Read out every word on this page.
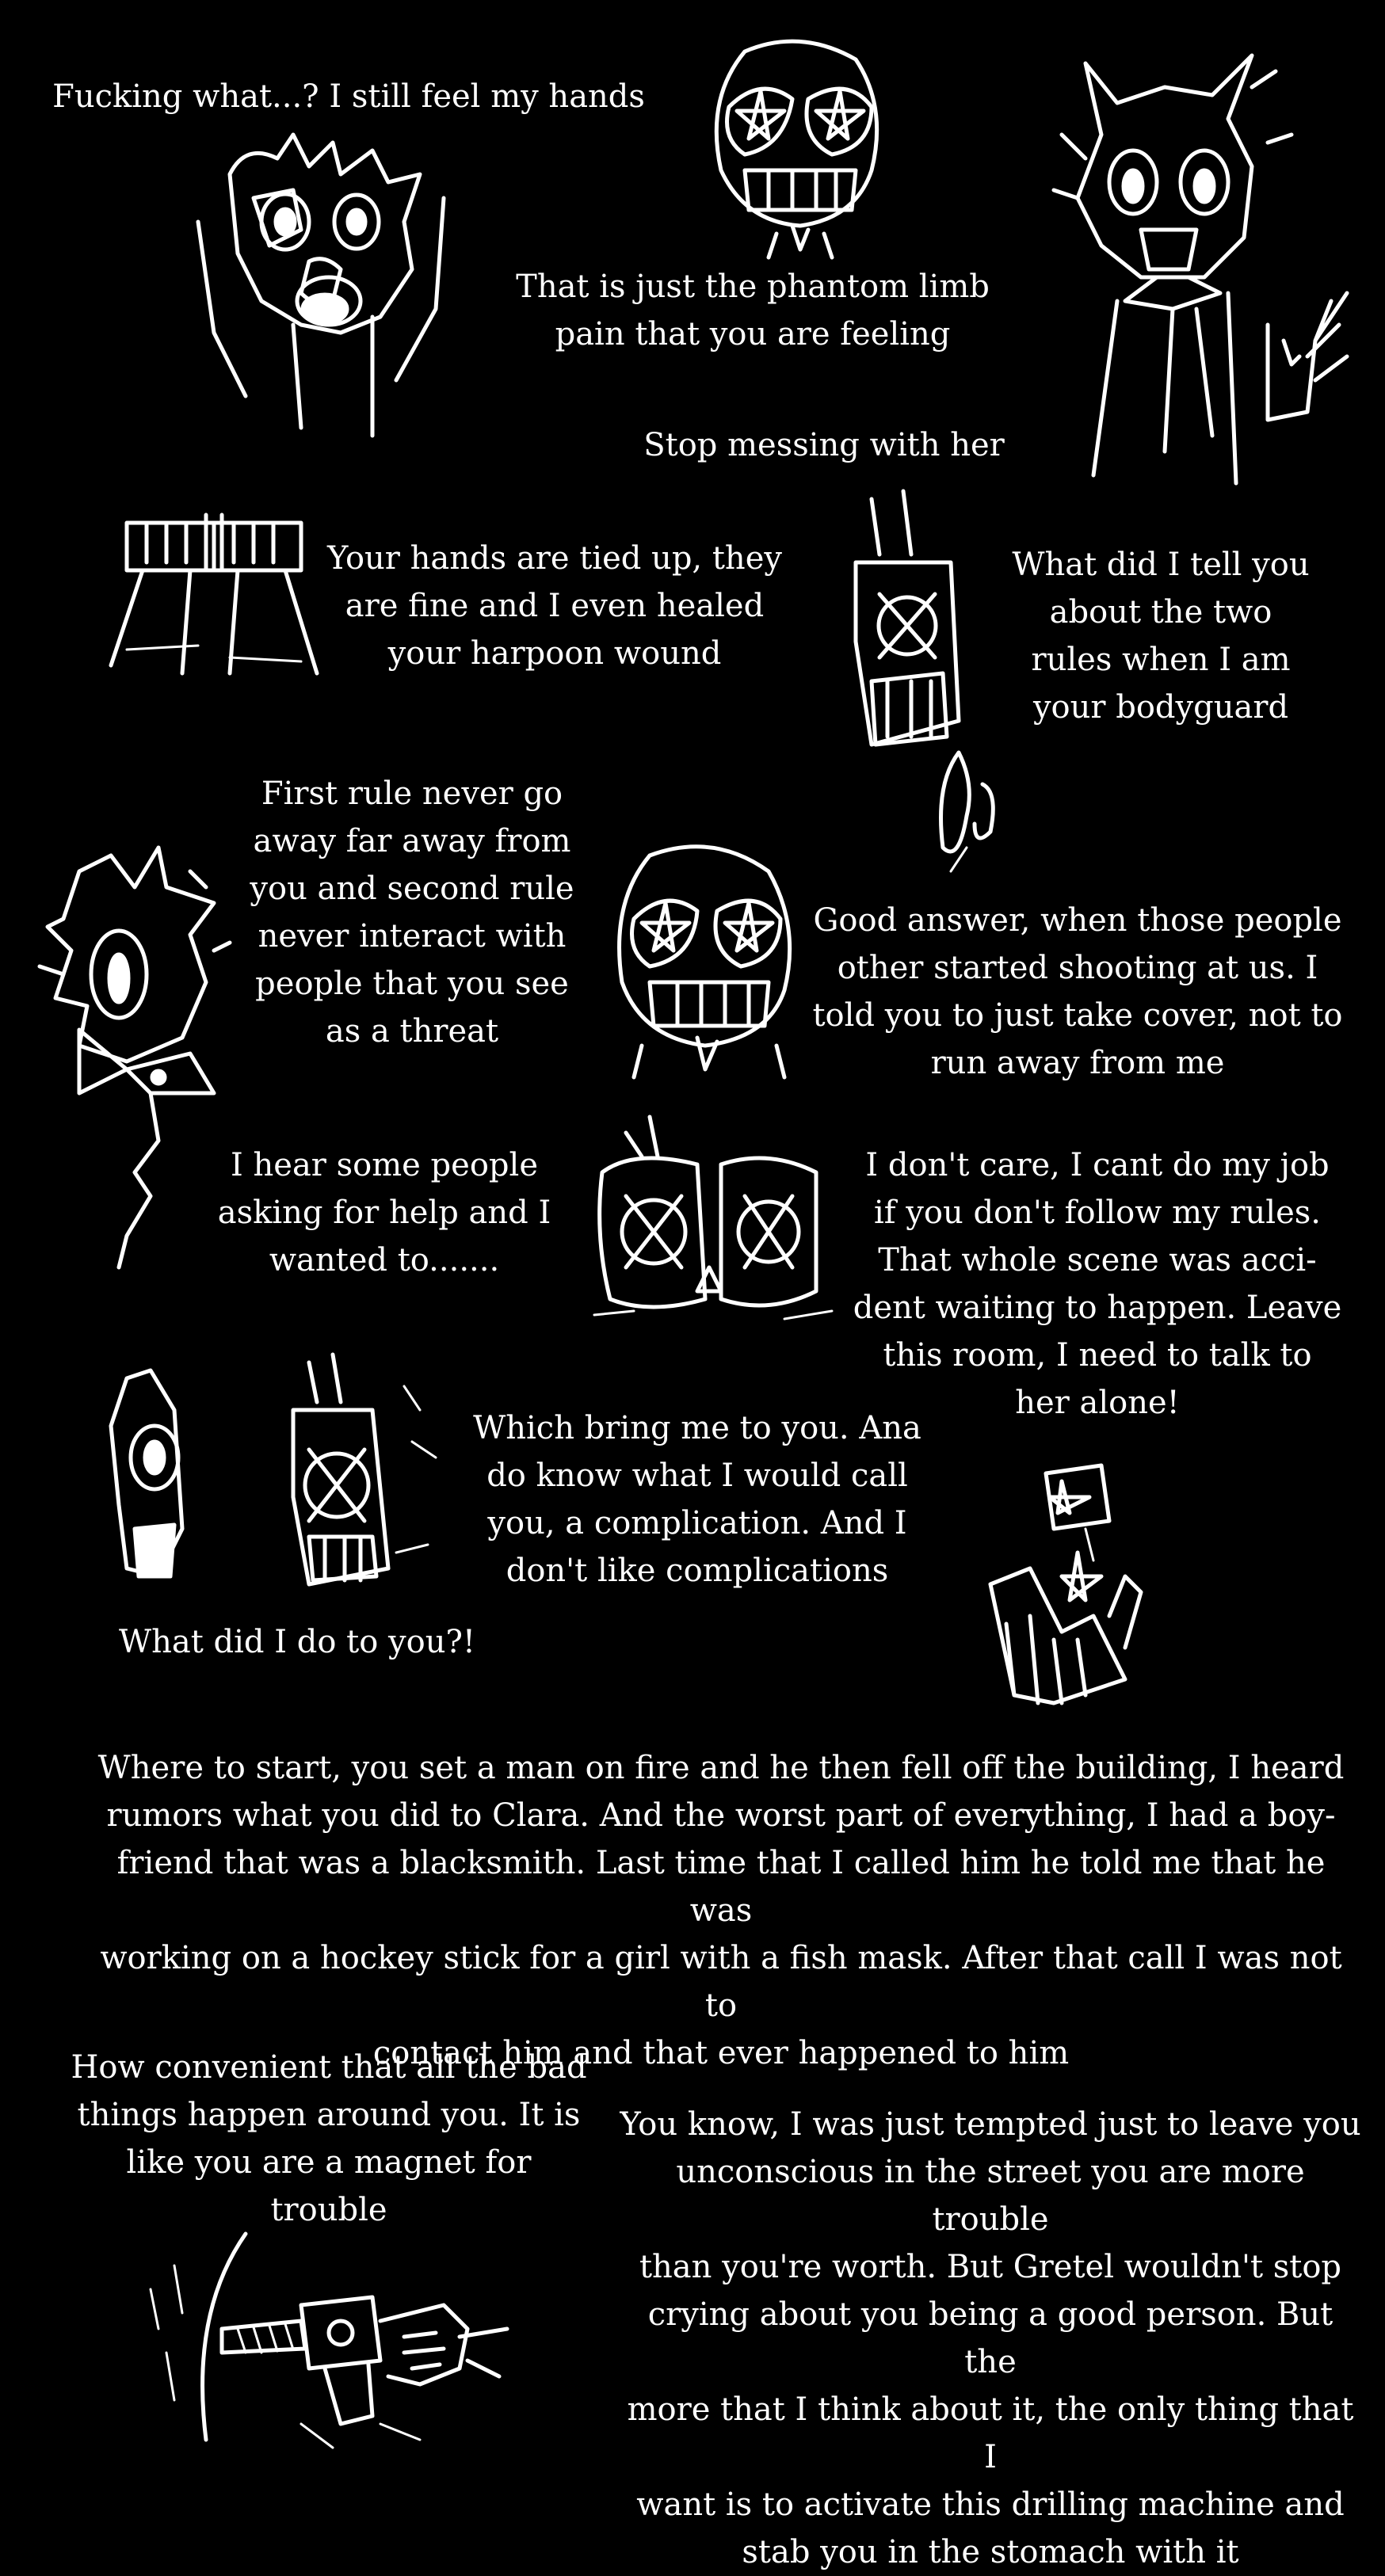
Fucking what...? I still feel my hands
That is just the phantom limb
pain that you are feeling
Stop messing with her
Your hands are tied up, they
are fine and I even healed
your harpoon wound
What did I tell you
about the two
rules when I am
your bodyguard
First rule never go
away far away from
you and second rule
never interact with
people that you see
as a threat
Good answer, when those people
other started shooting at us. I
told you to just take cover, not to
run away from me
I hear some people
asking for help and I
wanted to.......
I don't care, I cant do my job
if you don't follow my rules.
That whole scene was acci-
dent waiting to happen. Leave
this room, I need to talk to
her alone!
Which bring me to you. Ana
do know what I would call
you, a complication. And I
don't like complications
What did I do to you?!
Where to start, you set a man on fire and he then fell off the building, I heard
rumors what you did to Clara. And the worst part of everything, I had a boy-
friend that was a blacksmith. Last time that I called him he told me that he was
working on a hockey stick for a girl with a fish mask. After that call I was not to
contact him and that ever happened to him
How convenient that all the bad
things happen around you. It is
like you are a magnet for trouble
You know, I was just tempted just to leave you
unconscious in the street you are more trouble
than you're worth. But Gretel wouldn't stop
crying about you being a good person. But the
more that I think about it, the only thing that I
want is to activate this drilling machine and
stab you in the stomach with it
